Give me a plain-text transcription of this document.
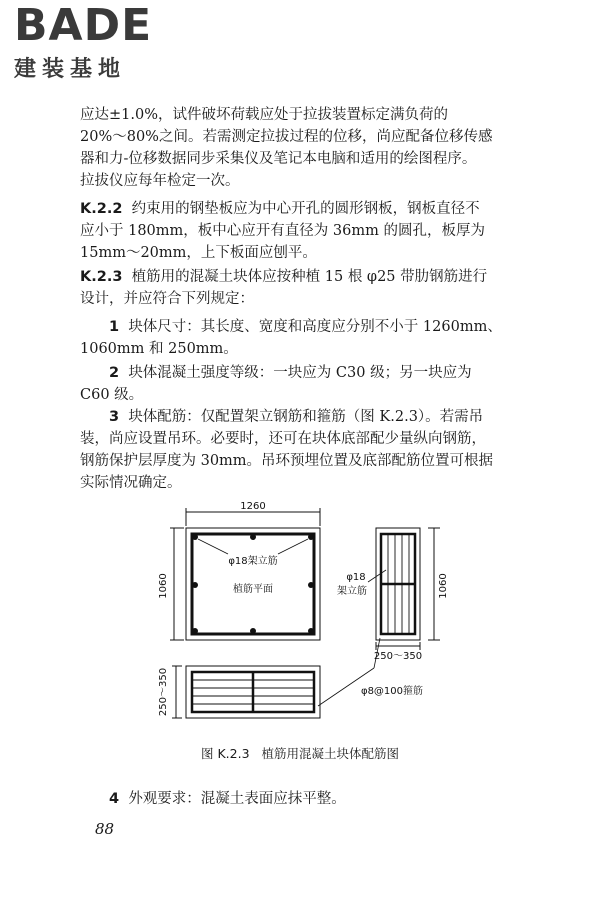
BADE
建装基地

应达±1.0%，试件破坏荷载应处于拉拔装置标定满负荷的

20%～80%之间。若需测定拉拔过程的位移，尚应配备位移传感

器和力-位移数据同步采集仪及笔记本电脑和适用的绘图程序。

拉拔仪应每年检定一次。

K.2.2 约束用的钢垫板应为中心开孔的圆形钢板，钢板直径不

应小于 180mm，板中心应开有直径为 36mm 的圆孔，板厚为

15mm～20mm，上下板面应刨平。

K.2.3 植筋用的混凝土块体应按种植 15 根 φ25 带肋钢筋进行

设计，并应符合下列规定：

1 块体尺寸：其长度、宽度和高度应分别不小于 1260mm、

1060mm 和 250mm。

2 块体混凝土强度等级：一块应为 C30 级；另一块应为

C60 级。

3 块体配筋：仅配置架立钢筋和箍筋（图 K.2.3）。若需吊

装，尚应设置吊环。必要时，还可在块体底部配少量纵向钢筋，

钢筋保护层厚度为 30mm。吊环预埋位置及底部配筋位置可根据

实际情况确定。

1260
1060
φ18架立筋
植筋平面
φ18
架立筋	1060
250～350
250～350	φ8@100箍筋
图 K.2.3 植筋用混凝土块体配筋图

4 外观要求：混凝土表面应抹平整。

88
